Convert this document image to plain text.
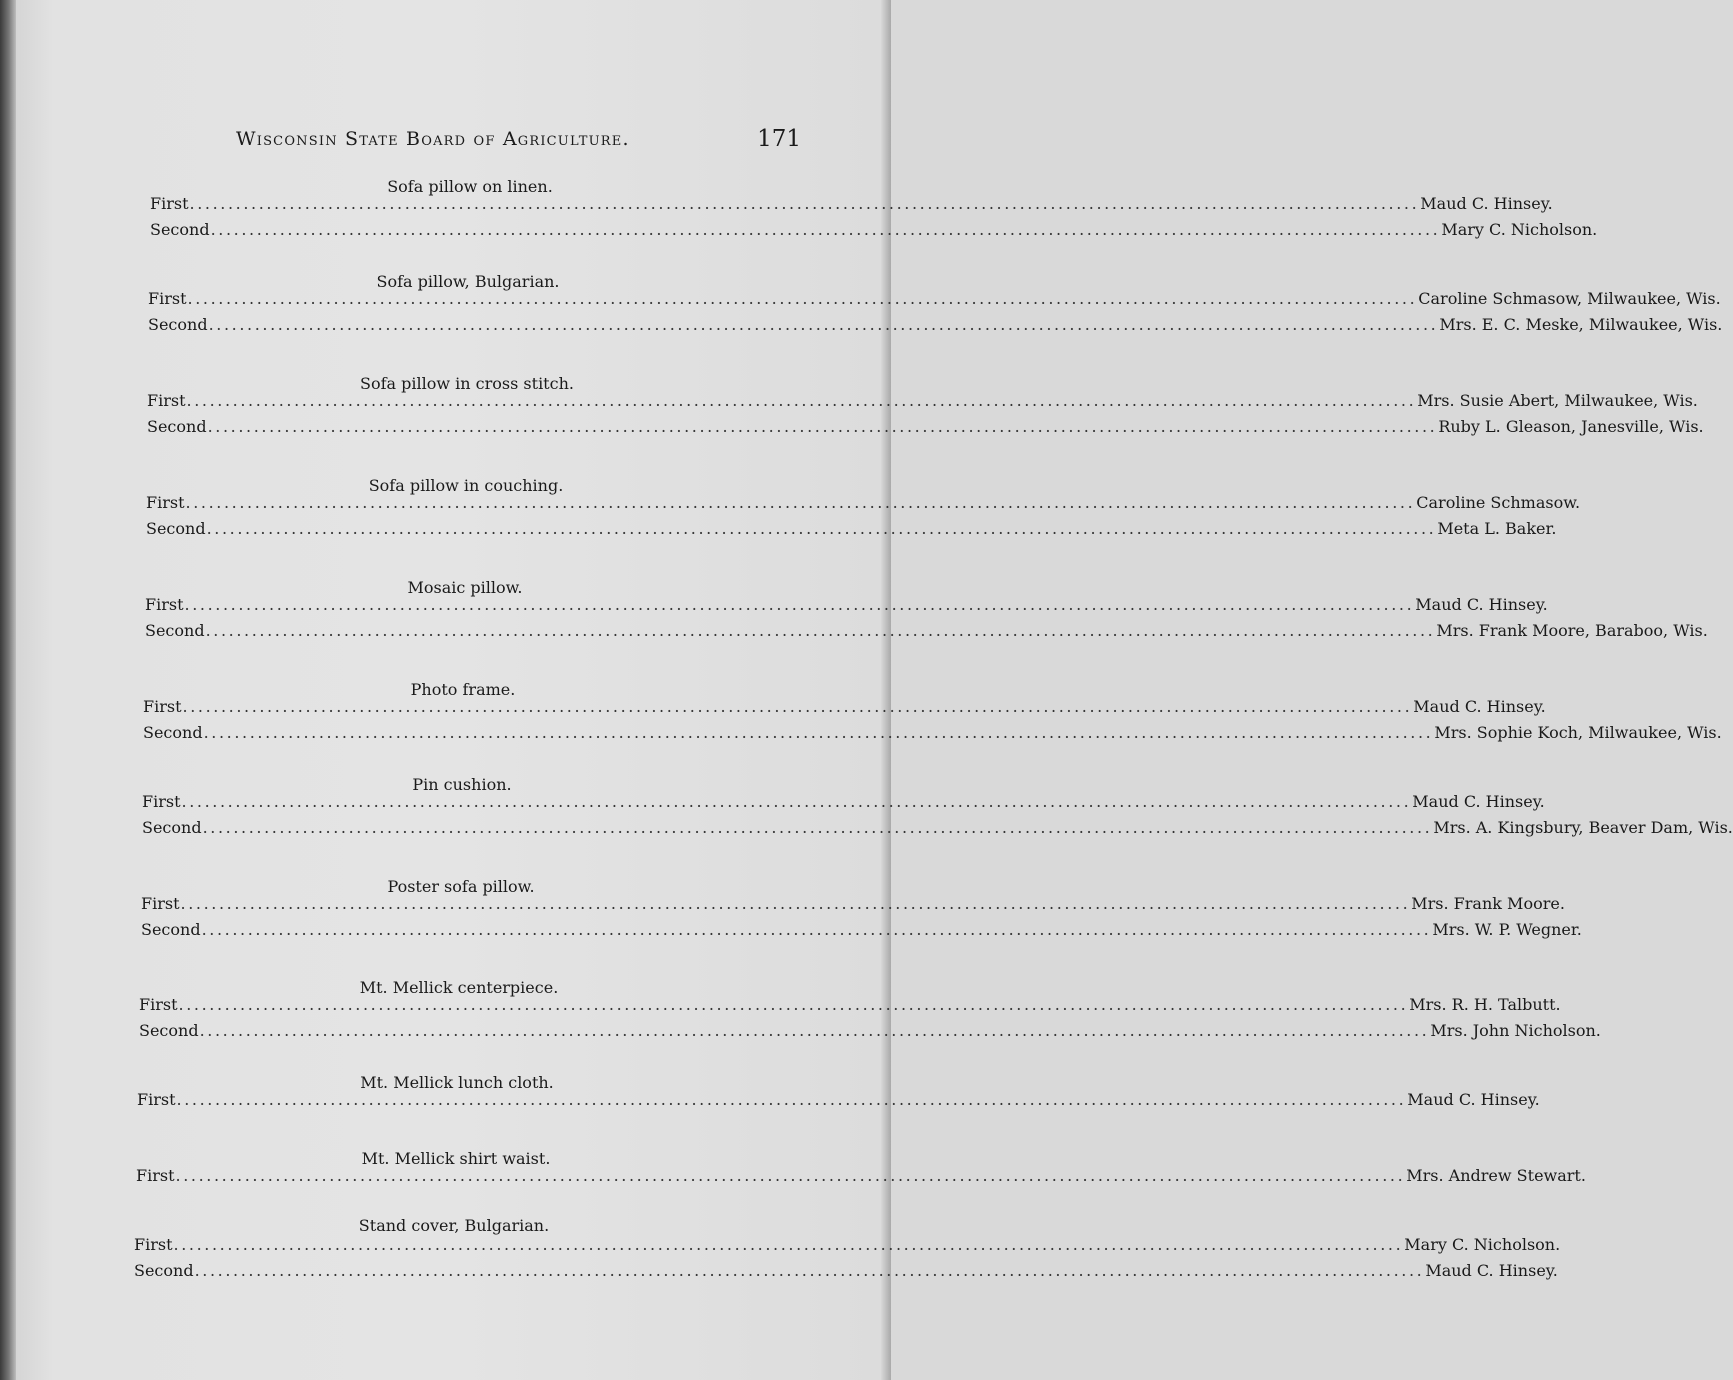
Wisconsin State Board of Agriculture.	171
Sofa pillow on linen.
First ................................................................................................................................................................ Maud C. Hinsey.
Second ................................................................................................................................................................ Mary C. Nicholson.
Sofa pillow, Bulgarian.
First ................................................................................................................................................................ Caroline Schmasow, Milwaukee, Wis.
Second ................................................................................................................................................................ Mrs. E. C. Meske, Milwaukee, Wis.
Sofa pillow in cross stitch.
First ................................................................................................................................................................ Mrs. Susie Abert, Milwaukee, Wis.
Second ................................................................................................................................................................ Ruby L. Gleason, Janesville, Wis.
Sofa pillow in couching.
First ................................................................................................................................................................ Caroline Schmasow.
Second ................................................................................................................................................................ Meta L. Baker.
Mosaic pillow.
First ................................................................................................................................................................ Maud C. Hinsey.
Second ................................................................................................................................................................ Mrs. Frank Moore, Baraboo, Wis.
Photo frame.
First ................................................................................................................................................................ Maud C. Hinsey.
Second ................................................................................................................................................................ Mrs. Sophie Koch, Milwaukee, Wis.
Pin cushion.
First ................................................................................................................................................................ Maud C. Hinsey.
Second ................................................................................................................................................................ Mrs. A. Kingsbury, Beaver Dam, Wis.
Poster sofa pillow.
First ................................................................................................................................................................ Mrs. Frank Moore.
Second ................................................................................................................................................................ Mrs. W. P. Wegner.
Mt. Mellick centerpiece.
First ................................................................................................................................................................ Mrs. R. H. Talbutt.
Second ................................................................................................................................................................ Mrs. John Nicholson.
Mt. Mellick lunch cloth.
First ................................................................................................................................................................ Maud C. Hinsey.
Mt. Mellick shirt waist.
First ................................................................................................................................................................ Mrs. Andrew Stewart.
Stand cover, Bulgarian.
First ................................................................................................................................................................ Mary C. Nicholson.
Second ................................................................................................................................................................ Maud C. Hinsey.
